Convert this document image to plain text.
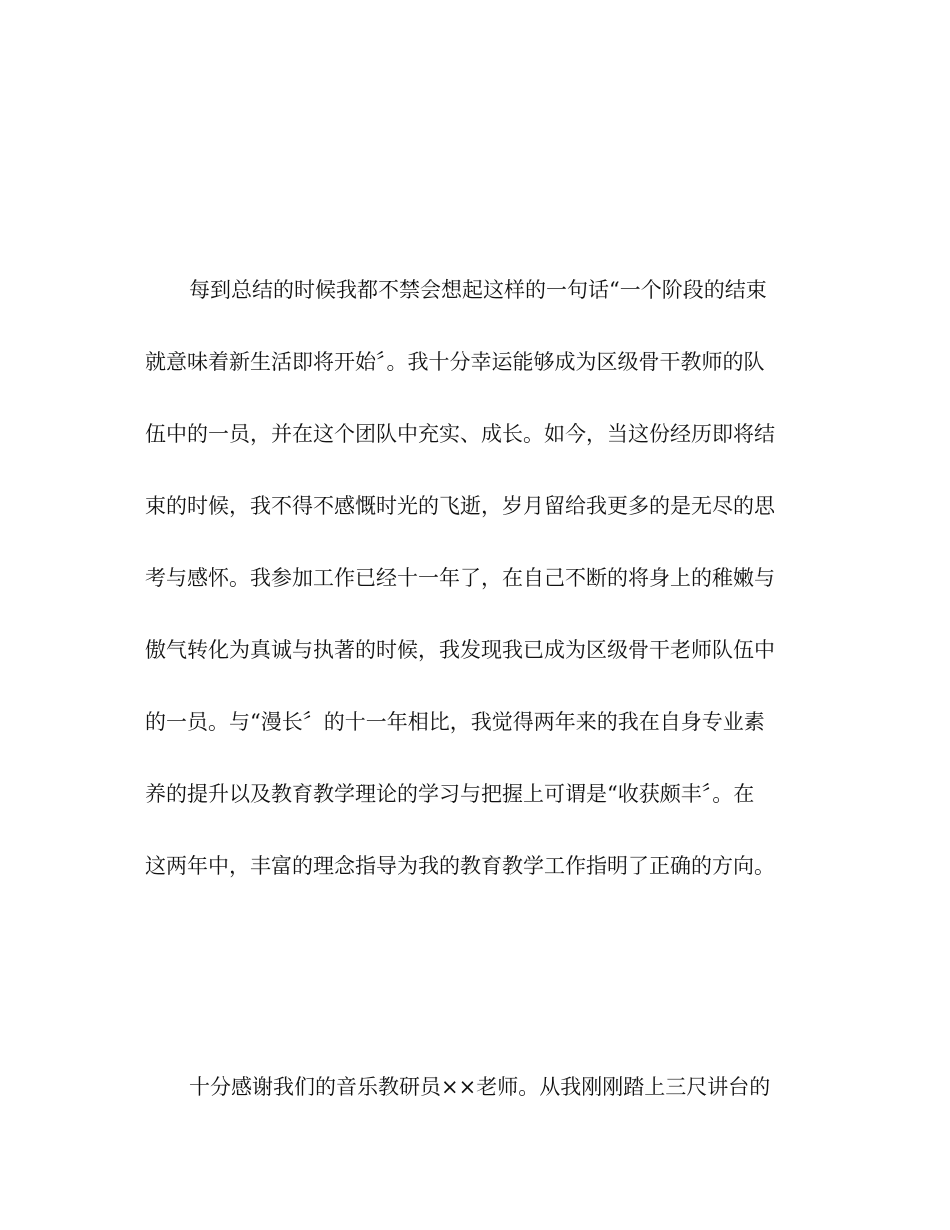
每到总结的时候我都不禁会想起这样的一句话“一个阶段的结束
就意味着新生活即将开始〞。我十分幸运能够成为区级骨干教师的队
伍中的一员，并在这个团队中充实、成长。如今，当这份经历即将结
束的时候，我不得不感慨时光的飞逝，岁月留给我更多的是无尽的思
考与感怀。我参加工作已经十一年了，在自己不断的将身上的稚嫩与
傲气转化为真诚与执著的时候，我发现我已成为区级骨干老师队伍中
的一员。与“漫长〞的十一年相比，我觉得两年来的我在自身专业素
养的提升以及教育教学理论的学习与把握上可谓是“收获颇丰〞。在
这两年中，丰富的理念指导为我的教育教学工作指明了正确的方向。
十分感谢我们的音乐教研员××老师。从我刚刚踏上三尺讲台的
